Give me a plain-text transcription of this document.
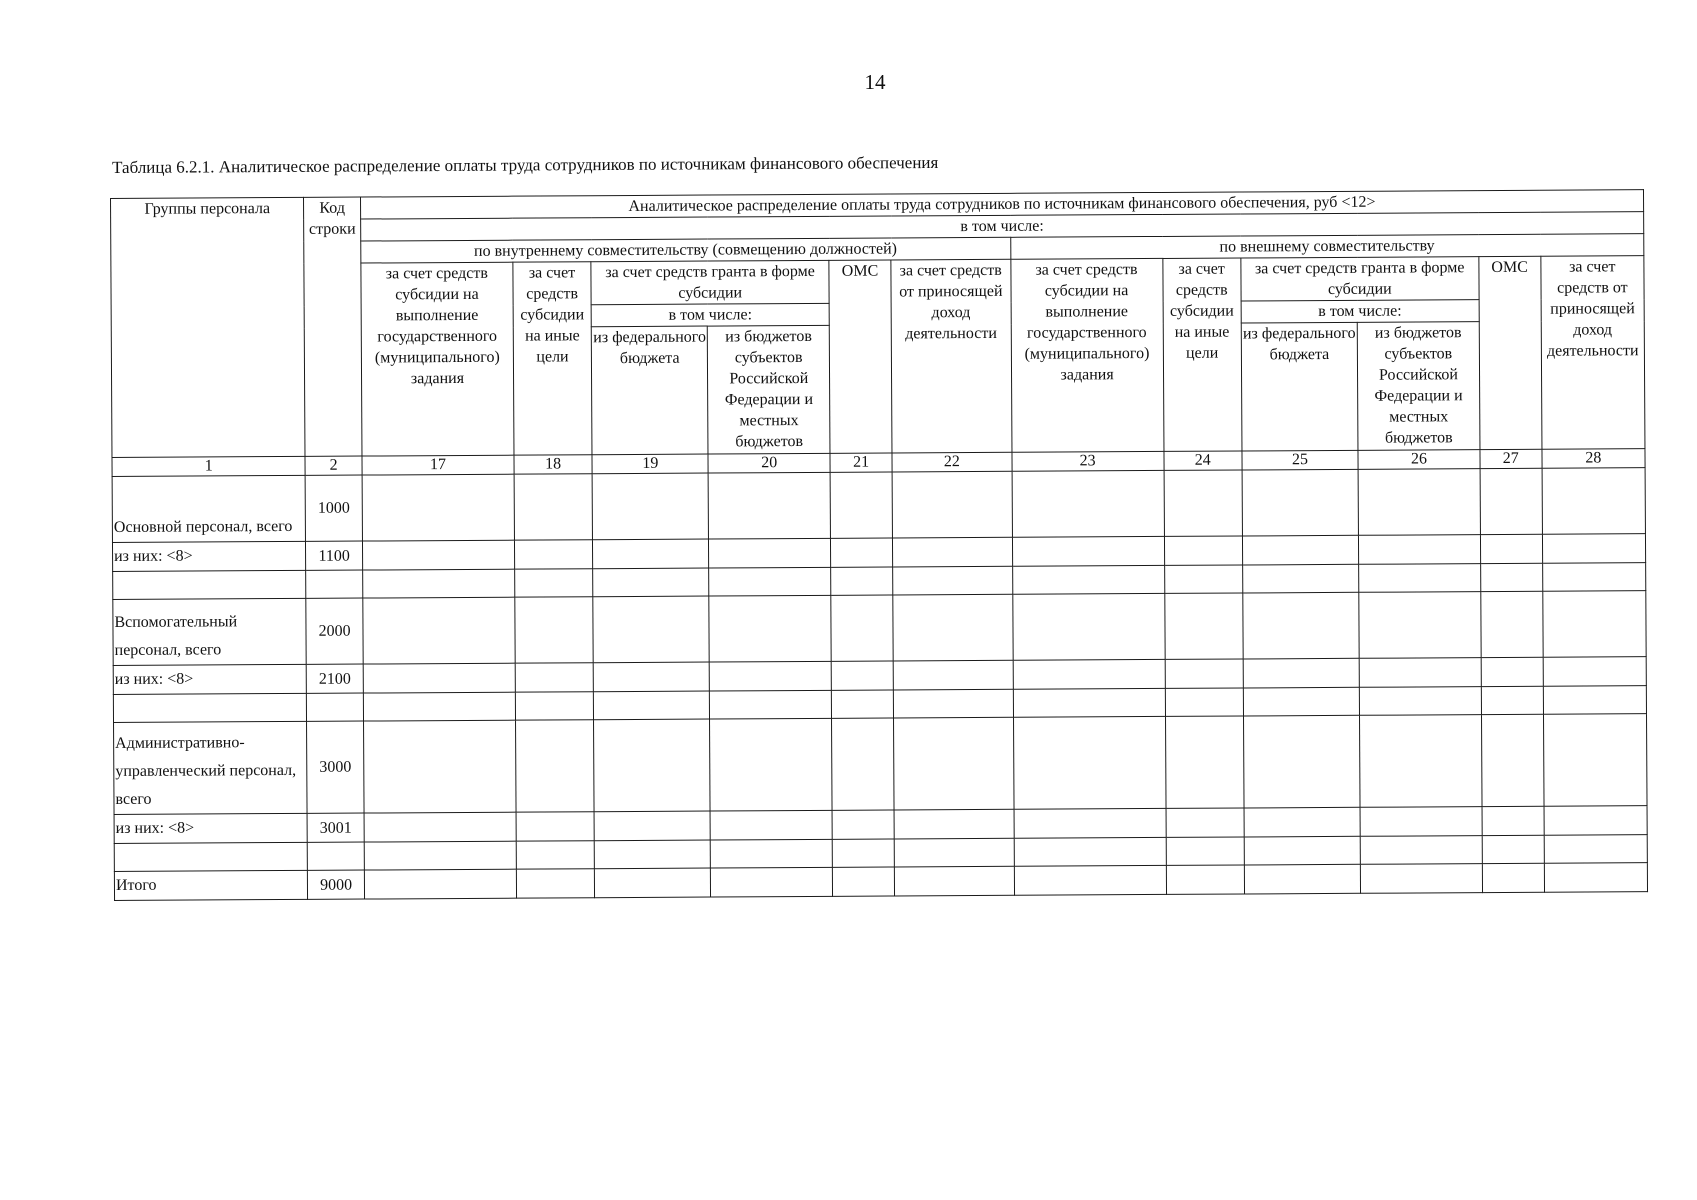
14
Таблица 6.2.1. Аналитическое распределение оплаты труда сотрудников по источникам финансового обеспечения
Группы персонала	Код строки	Аналитическое распределение оплаты труда сотрудников по источникам финансового обеспечения, руб <12>											
		в том числе:											
		по внутреннему совместительству (совмещению должностей)						по внешнему совместительству					
		за счет средств субсидии на выполнение государственного (муниципального) задания	за счет средств субсидии на иные цели	за счет средств гранта в форме субсидии		ОМС	за счет средств от приносящей доход деятельности	за счет средств субсидии на выполнение государственного (муниципального) задания	за счет средств субсидии на иные цели	за счет средств гранта в форме субсидии		ОМС	за счет средств от приносящей доход деятельности
				в том числе:						в том числе:			
				из федерального бюджета	из бюджетов субъектов Российской Федерации и местных бюджетов					из федерального бюджета	из бюджетов субъектов Российской Федерации и местных бюджетов		
1	2	17	18	19	20	21	22	23	24	25	26	27	28
Основной персонал, всего	1000												
из них: <8>	1100												

Вспомогательный персонал, всего	2000												
из них: <8>	2100												

Административно-управленческий персонал, всего	3000												
из них: <8>	3001												

Итого	9000												
